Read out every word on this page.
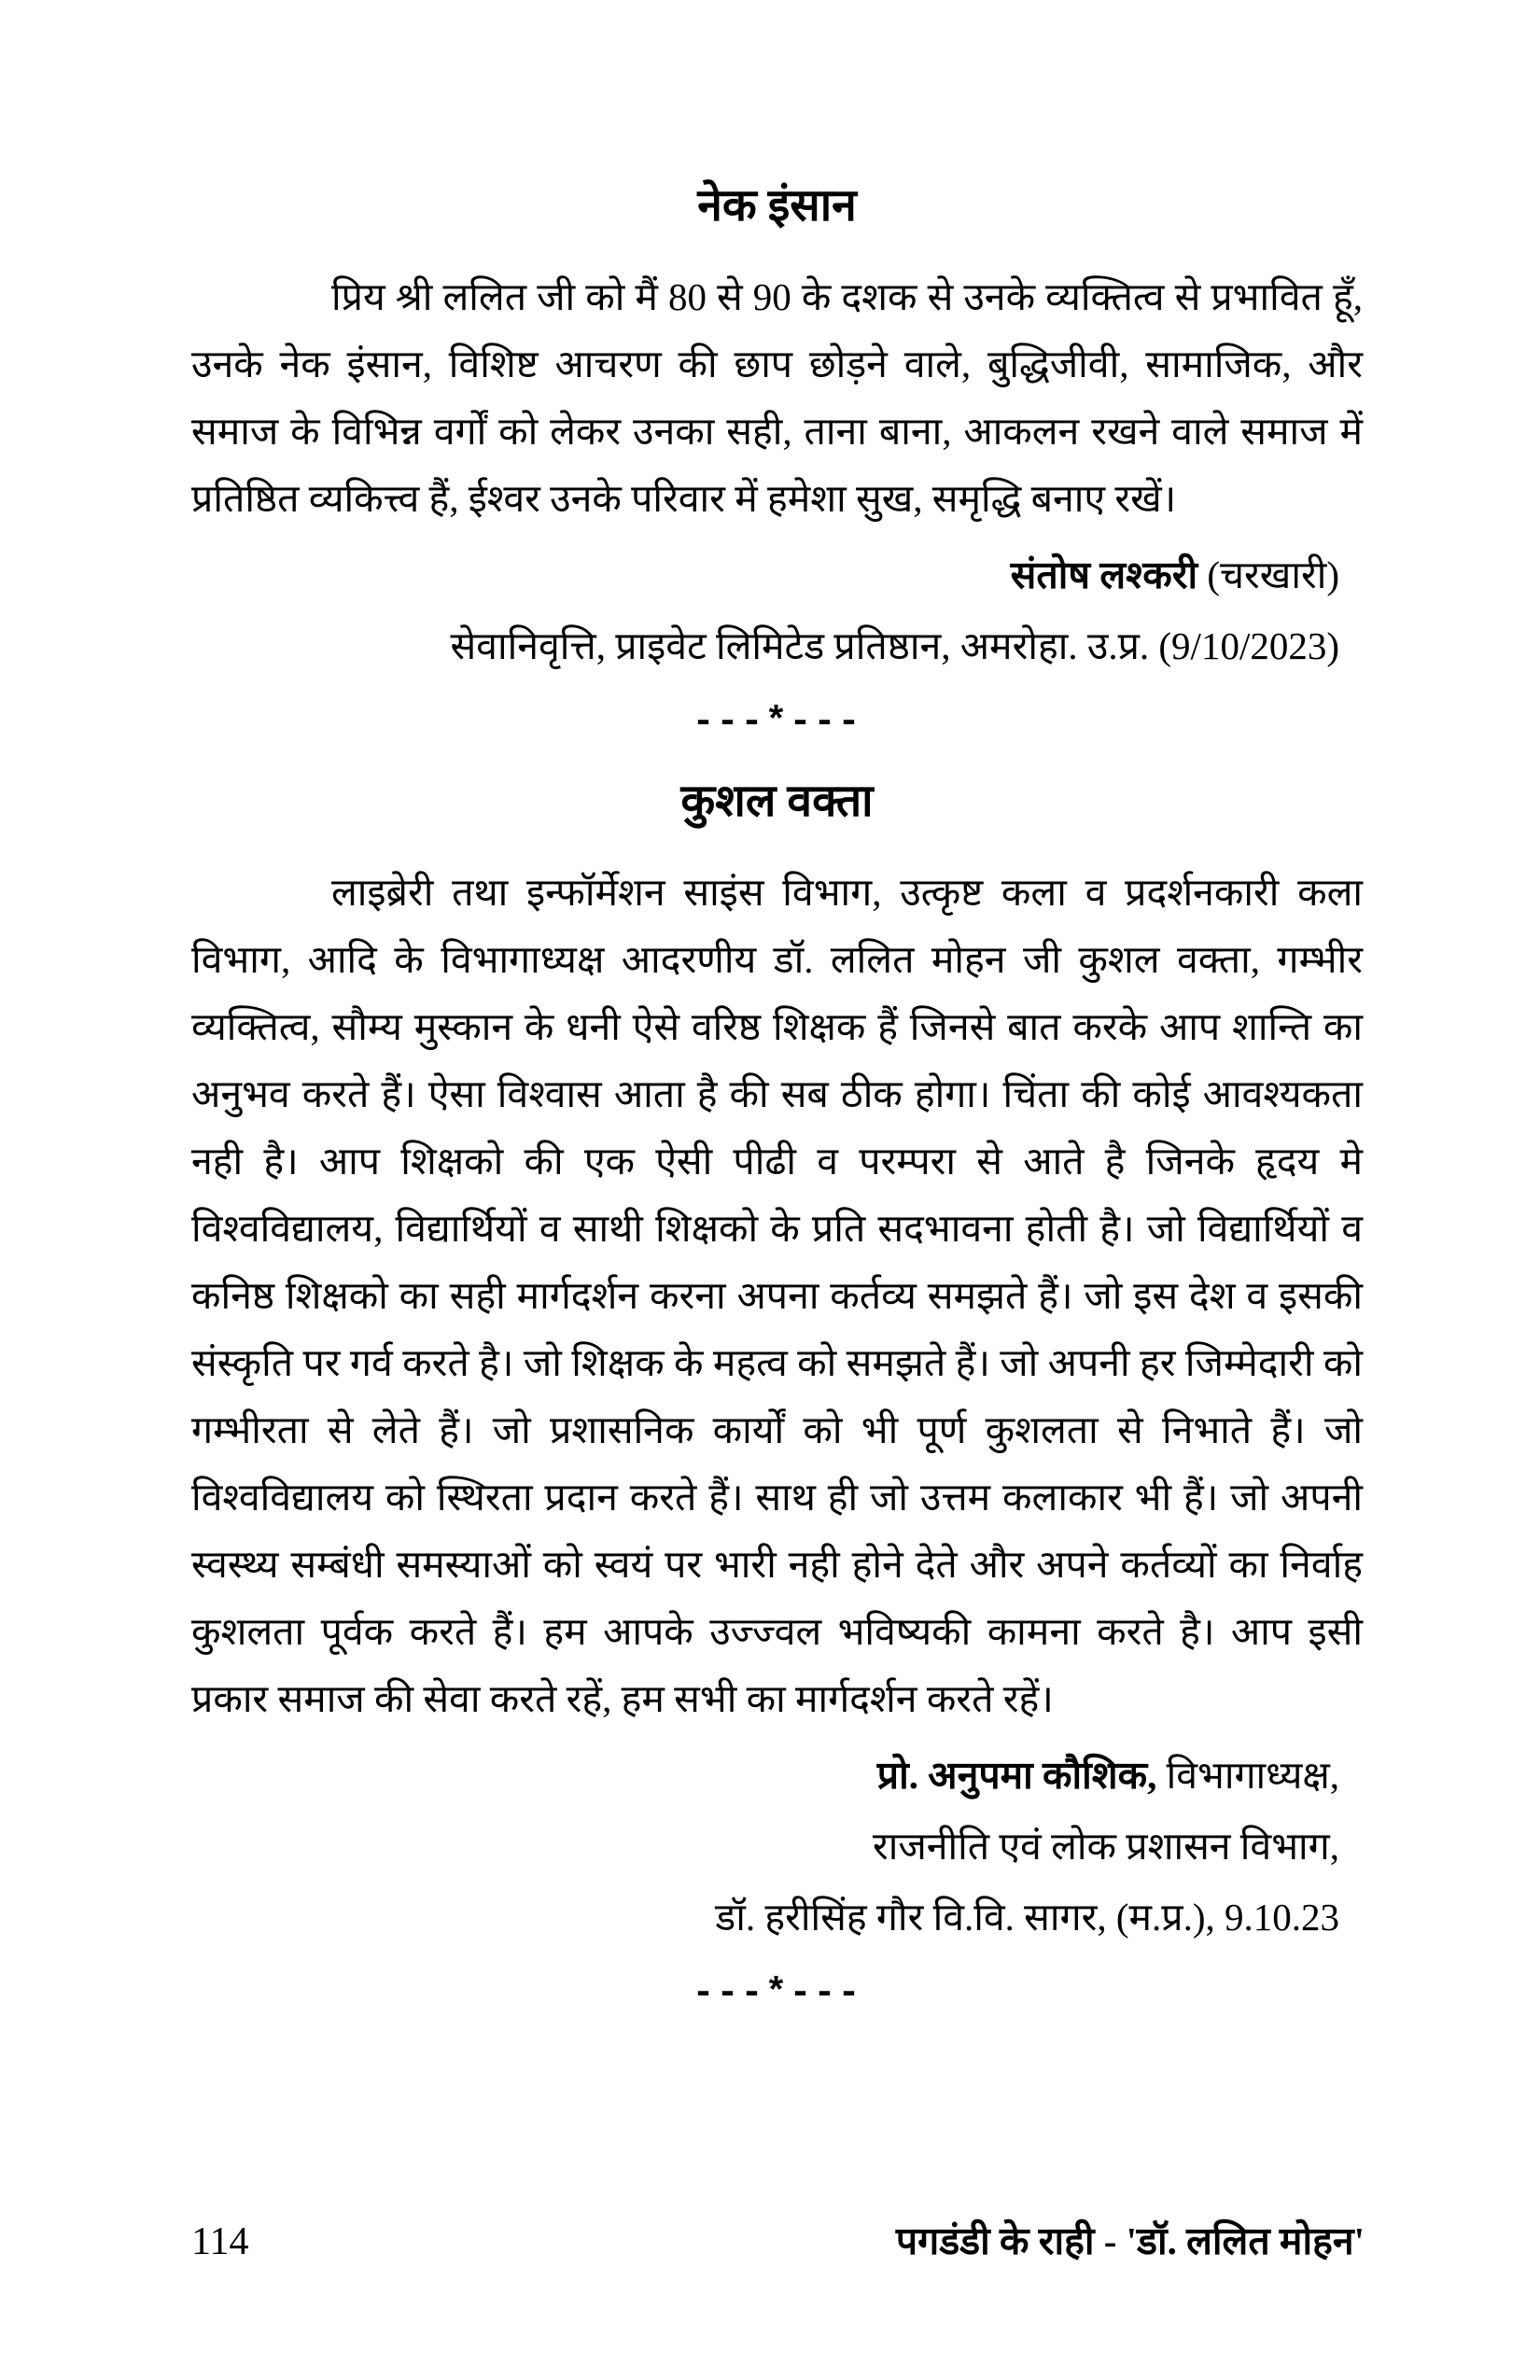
नेक इंसान

प्रिय श्री ललित जी को मैं 80 से 90 के दशक से उनके व्यक्तित्व से प्रभावित हूँ, उनके नेक इंसान, विशिष्ट आचरण की छाप छोड़ने वाले, बुद्धिजीवी, सामाजिक, और समाज के विभिन्न वर्गों को लेकर उनका सही, ताना बाना, आकलन रखने वाले समाज में प्रतिष्ठित व्यकित्त्व हैं, ईश्वर उनके परिवार में हमेशा सुख, समृद्धि बनाए रखें।

संतोष लश्करी (चरखारी)
सेवानिवृत्ति, प्राइवेट लिमिटेड प्रतिष्ठान, अमरोहा. उ.प्र. (9/10/2023)
---*---
कुशल वक्ता

लाइब्रेरी तथा इन्फॉर्मेशन साइंस विभाग, उत्कृष्ट कला व प्रदर्शनकारी कला विभाग, आदि के विभागाध्यक्ष आदरणीय डॉ. ललित मोहन जी कुशल वक्ता, गम्भीर व्यक्तित्व, सौम्य मुस्कान के धनी ऐसे वरिष्ठ शिक्षक हैं जिनसे बात करके आप शान्ति का अनुभव करते हैं। ऐसा विश्वास आता है की सब ठीक होगा। चिंता की कोई आवश्यकता नही है। आप शिक्षको की एक ऐसी पीढी व परम्परा से आते है जिनके हृदय मे विश्वविद्यालय, विद्यार्थियों व साथी शिक्षको के प्रति सदभावना होती है। जो विद्यार्थियों व कनिष्ठ शिक्षको का सही मार्गदर्शन करना अपना कर्तव्य समझते हैं। जो इस देश व इसकी संस्कृति पर गर्व करते है। जो शिक्षक के महत्व को समझते हैं। जो अपनी हर जिम्मेदारी को गम्भीरता से लेते हैं। जो प्रशासनिक कार्यों को भी पूर्ण कुशलता से निभाते हैं। जो विश्वविद्यालय को स्थिरता प्रदान करते हैं। साथ ही जो उत्तम कलाकार भी हैं। जो अपनी स्वस्थ्य सम्बंधी समस्याओं को स्वयं पर भारी नही होने देते और अपने कर्तव्यों का निर्वाह कुशलता पूर्वक करते हैं। हम आपके उज्ज्वल भविष्यकी कामना करते है। आप इसी प्रकार समाज की सेवा करते रहें, हम सभी का मार्गदर्शन करते रहें।

प्रो. अनुपमा कौशिक, विभागाध्यक्ष,
राजनीति एवं लोक प्रशासन विभाग,
डॉ. हरीसिंह गौर वि.वि. सागर, (म.प्र.), 9.10.23
---*---
114	पगडंडी के राही - 'डॉ. ललित मोहन'
